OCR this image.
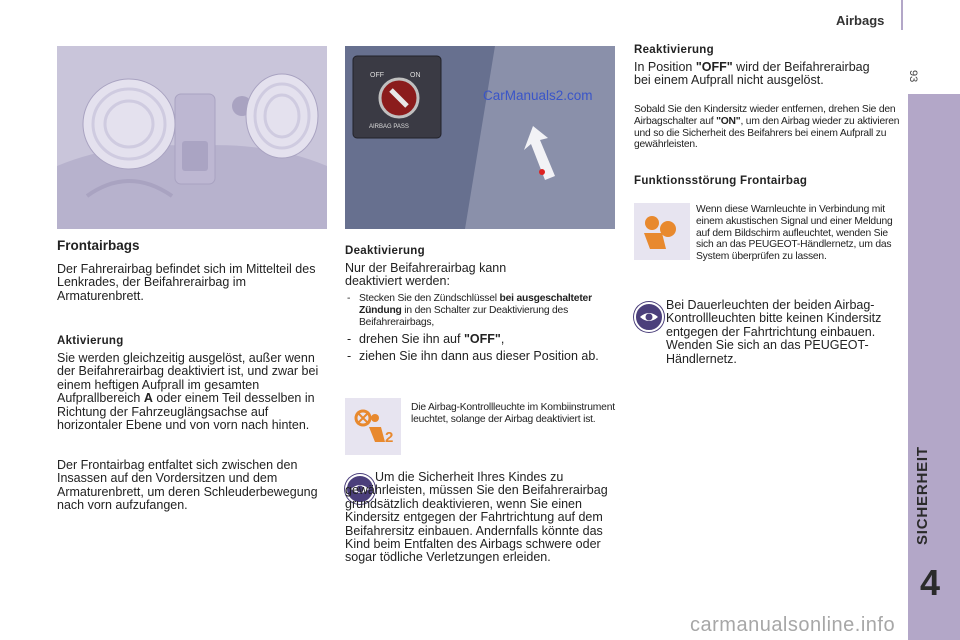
Airbags
93
SICHERHEIT
4
Frontairbags
Der Fahrerairbag befindet sich im Mittelteil des Lenkrades, der Beifahrerairbag im Armaturenbrett.
Aktivierung
Sie werden gleichzeitig ausgelöst, außer wenn der Beifahrerairbag deaktiviert ist, und zwar bei einem heftigen Aufprall im gesamten Aufprallbereich A oder einem Teil desselben in Richtung der Fahrzeuglängsachse auf horizontaler Ebene und von vorn nach hinten.
Der Frontairbag entfaltet sich zwischen den Insassen auf den Vordersitzen und dem Armaturenbrett, um deren Schleuderbewegung nach vorn aufzufangen.
OFF	ON
AIRBAG PASS
CarManuals2.com
Deaktivierung
Nur der Beifahrerairbag kann deaktiviert werden:
- Stecken Sie den Zündschlüssel bei ausgeschalteter Zündung in den Schalter zur Deaktivierung des Beifahrerairbags,
- drehen Sie ihn auf "OFF",
- ziehen Sie ihn dann aus dieser Position ab.
2
Die Airbag-Kontrollleuchte im Kombiinstrument leuchtet, solange der Airbag deaktiviert ist.
Um die Sicherheit Ihres Kindes zu gewährleisten, müssen Sie den Beifahrerairbag grundsätzlich deaktivieren, wenn Sie einen Kindersitz entgegen der Fahrtrichtung auf dem Beifahrersitz einbauen. Andernfalls könnte das Kind beim Entfalten des Airbags schwere oder sogar tödliche Verletzungen erleiden.
Reaktivierung
In Position "OFF" wird der Beifahrerairbag bei einem Aufprall nicht ausgelöst.
Sobald Sie den Kindersitz wieder entfernen, drehen Sie den Airbagschalter auf "ON", um den Airbag wieder zu aktivieren und so die Sicherheit des Beifahrers bei einem Aufprall zu gewährleisten.
Funktionsstörung Frontairbag
Wenn diese Warnleuchte in Verbindung mit einem akustischen Signal und einer Meldung auf dem Bildschirm aufleuchtet, wenden Sie sich an das PEUGEOT-Händlernetz, um das System überprüfen zu lassen.
Bei Dauerleuchten der beiden Airbag-Kontrollleuchten bitte keinen Kindersitz entgegen der Fahrtrichtung einbauen. Wenden Sie sich an das PEUGEOT-Händlernetz.
carmanualsonline.info
